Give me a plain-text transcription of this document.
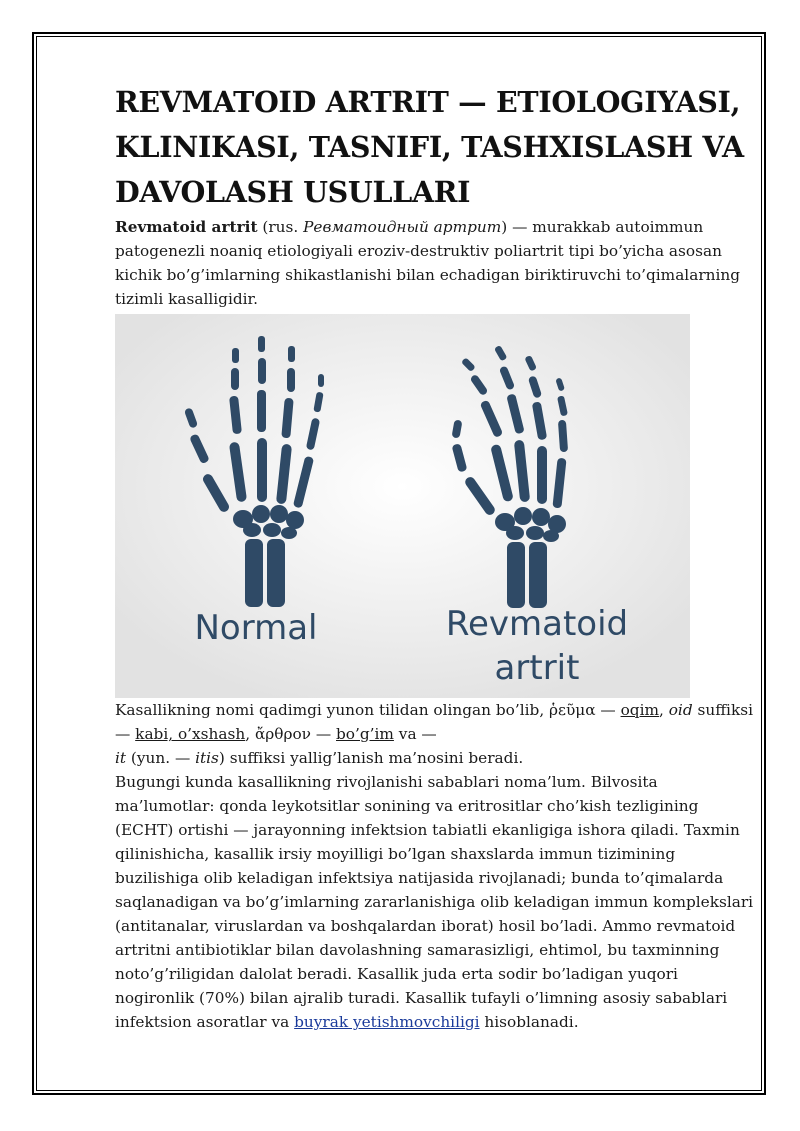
REVMATOID ARTRIT — ETIOLOGIYASI, KLINIKASI, TASNIFI, TASHXISLASH VA DAVOLASH USULLARI

Revmatoid artrit (rus. Ревматоидный артрит) — murakkab autoimmun patogenezli noaniq etiologiyali eroziv-destruktiv poliartrit tipi bo’yicha asosan kichik bo’g’imlarning shikastlanishi bilan echadigan biriktiruvchi to’qimalarning tizimli kasalligidir.

Normal	Revmatoid
artrit

Kasallikning nomi qadimgi yunon tilidan olingan bo’lib, ῥεῦμα — oqim, oid suffiksi — kabi, o’xshash, ἄρθρον — bo’g’im va —
it (yun. — itis) suffiksi yallig’lanish ma’nosini beradi.

Bugungi kunda kasallikning rivojlanishi sabablari noma’lum. Bilvosita ma’lumotlar: qonda leykotsitlar sonining va eritrositlar cho’kish tezligining (ECHT) ortishi — jarayonning infektsion tabiatli ekanligiga ishora qiladi. Taxmin qilinishicha, kasallik irsiy moyilligi bo’lgan shaxslarda immun tizimining buzilishiga olib keladigan infektsiya natijasida rivojlanadi; bunda to’qimalarda saqlanadigan va bo’g’imlarning zararlanishiga olib keladigan immun komplekslari (antitanalar, viruslardan va boshqalardan iborat) hosil bo’ladi. Ammo revmatoid artritni antibiotiklar bilan davolashning samarasizligi, ehtimol, bu taxminning noto’g’riligidan dalolat beradi. Kasallik juda erta sodir bo’ladigan yuqori nogironlik (70%) bilan ajralib turadi. Kasallik tufayli o’limning asosiy sabablari infektsion asoratlar va buyrak yetishmovchiligi hisoblanadi.
